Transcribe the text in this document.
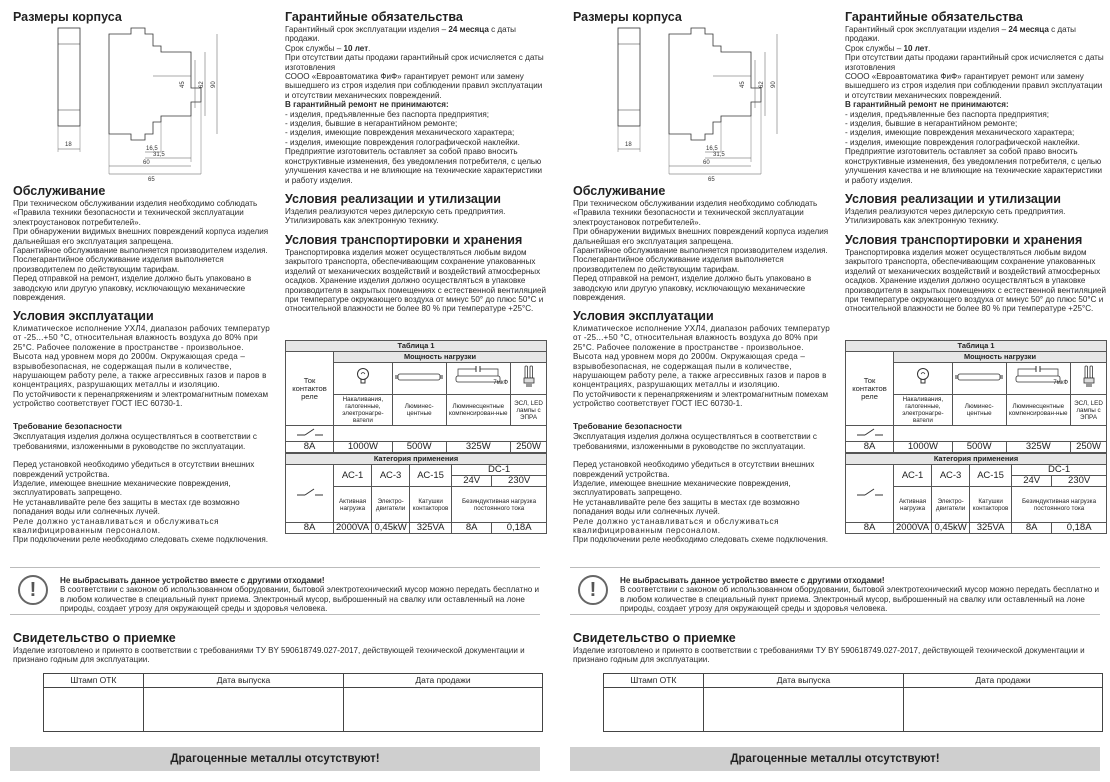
Размеры корпуса
18
45 62 90
16,5
31,5
60
65
Обслуживание

При техническом обслуживании изделия необходимо соблюдать «Правила техники безопасности и технической эксплуатации электроустановок потребителей».

При обнаружении видимых внешних повреждений корпуса изделия дальнейшая его эксплуатация запрещена.

Гарантийное обслуживание выполняется производителем изделия. Послегарантийное обслуживание изделия выполняется производителем по действующим тарифам.

Перед отправкой на ремонт, изделие должно быть упаковано в заводскую или другую упаковку, исключающую механические повреждения.

Условия эксплуатации

Климатическое исполнение УХЛ4, диапазон рабочих температур от -25...+50 °С, относительная влажность воздуха до 80% при 25°С. Рабочее положение в пространстве - произвольное. Высота над уровнем моря до 2000м. Окружающая среда – взрывобезопасная, не содержащая пыли в количестве, нарушающем работу реле, а также агрессивных газов и паров в концентрациях, разрушающих металлы и изоляцию.

По устойчивости к перенапряжениям и электромагнитным помехам устройство соответствует ГОСТ IEC 60730-1.

Требование безопасности

Эксплуатация изделия должна осуществляться в соответствии с требованиями, изложенными в руководстве по эксплуатации.

Перед установкой необходимо убедиться в отсутствии внешних повреждений устройства.

Изделие, имеющее внешние механические повреждения, эксплуатировать запрещено.

Не устанавливайте реле без защиты в местах где возможно попадания воды или солнечных лучей.

Реле должно устанавливаться и обслуживаться квалифицированным персоналом.

При подключении реле необходимо следовать схеме подключения.

Гарантийные обязательства

Гарантийный срок эксплуатации изделия – 24 месяца с даты продажи.

Срок службы – 10 лет.

При отсутствии даты продажи гарантийный срок исчисляется с даты изготовления

СООО «Евроавтоматика ФиФ» гарантирует ремонт или замену вышедшего из строя изделия при соблюдении правил эксплуатации и отсутствии механических повреждений.

В гарантийный ремонт не принимаются:

- изделия, предъявленные без паспорта предприятия;

- изделия, бывшие в негарантийном ремонте;

- изделия, имеющие повреждения механического характера;

- изделия, имеющие повреждения голографической наклейки.

Предприятие изготовитель оставляет за собой право вносить конструктивные изменения, без уведомления потребителя, с целью улучшения качества и не влияющие на технические характеристики и работу изделия.

Условия реализации и утилизации

Изделия реализуются через дилерскую сеть предприятия. Утилизировать как электронную технику.

Условия транспортировки и хранения

Транспортировка изделия может осуществляться любым видом закрытого транспорта, обеспечивающим сохранение упакованных изделий от механических воздействий и воздействий атмосферных осадков. Хранение изделия должно осуществляться в упаковке производителя в закрытых помещениях с естественной вентиляцией при температуре окружающего воздуха от минус 50° до плюс 50°С и относительной влажности не более 80 % при температуре +25°С.

Таблица 1				
Ток контактов реле	Мощность нагрузки			

7мкФ

	Накаливания, галогенные, электронагре-ватели	Люминес-центные	Люминесцентные компенсирован-ные	ЭСЛ, LED лампы с ЭПРА

8А	1000W	500W	325W	250W
Категория применения					
	АС-1	АС-3	АС-15	DC-1	
				24V	230V
	Активная нагрузка	Электро-двигатели	Катушки контакторов	Безиндуктивная нагрузка постоянного тока	
8А	2000VA	0,45kW	325VA	8А	0,18А
!	Не выбрасывать данное устройство вместе с другими отходами!

В соответствии с законом об использованном оборудовании, бытовой электротехнический мусор можно передать бесплатно и в любом количестве в специальный пункт приема. Электронный мусор, выброшенный на свалку или оставленный на лоне природы, создает угрозу для окружающей среды и здоровья человека.

Свидетельство о приемке

Изделие изготовлено и принято в соответствии с требованиями ТУ BY 590618749.027-2017, действующей технической документации и признано годным для эксплуатации.

Штамп ОТК	Дата выпуска	Дата продажи

Драгоценные металлы отсутствуют!
Размеры корпуса
18
45 62 90
16,5
31,5
60
65
Обслуживание

При техническом обслуживании изделия необходимо соблюдать «Правила техники безопасности и технической эксплуатации электроустановок потребителей».

При обнаружении видимых внешних повреждений корпуса изделия дальнейшая его эксплуатация запрещена.

Гарантийное обслуживание выполняется производителем изделия. Послегарантийное обслуживание изделия выполняется производителем по действующим тарифам.

Перед отправкой на ремонт, изделие должно быть упаковано в заводскую или другую упаковку, исключающую механические повреждения.

Условия эксплуатации

Климатическое исполнение УХЛ4, диапазон рабочих температур от -25...+50 °С, относительная влажность воздуха до 80% при 25°С. Рабочее положение в пространстве - произвольное. Высота над уровнем моря до 2000м. Окружающая среда – взрывобезопасная, не содержащая пыли в количестве, нарушающем работу реле, а также агрессивных газов и паров в концентрациях, разрушающих металлы и изоляцию.

По устойчивости к перенапряжениям и электромагнитным помехам устройство соответствует ГОСТ IEC 60730-1.

Требование безопасности

Эксплуатация изделия должна осуществляться в соответствии с требованиями, изложенными в руководстве по эксплуатации.

Перед установкой необходимо убедиться в отсутствии внешних повреждений устройства.

Изделие, имеющее внешние механические повреждения, эксплуатировать запрещено.

Не устанавливайте реле без защиты в местах где возможно попадания воды или солнечных лучей.

Реле должно устанавливаться и обслуживаться квалифицированным персоналом.

При подключении реле необходимо следовать схеме подключения.

Гарантийные обязательства

Гарантийный срок эксплуатации изделия – 24 месяца с даты продажи.

Срок службы – 10 лет.

При отсутствии даты продажи гарантийный срок исчисляется с даты изготовления

СООО «Евроавтоматика ФиФ» гарантирует ремонт или замену вышедшего из строя изделия при соблюдении правил эксплуатации и отсутствии механических повреждений.

В гарантийный ремонт не принимаются:

- изделия, предъявленные без паспорта предприятия;

- изделия, бывшие в негарантийном ремонте;

- изделия, имеющие повреждения механического характера;

- изделия, имеющие повреждения голографической наклейки.

Предприятие изготовитель оставляет за собой право вносить конструктивные изменения, без уведомления потребителя, с целью улучшения качества и не влияющие на технические характеристики и работу изделия.

Условия реализации и утилизации

Изделия реализуются через дилерскую сеть предприятия. Утилизировать как электронную технику.

Условия транспортировки и хранения

Транспортировка изделия может осуществляться любым видом закрытого транспорта, обеспечивающим сохранение упакованных изделий от механических воздействий и воздействий атмосферных осадков. Хранение изделия должно осуществляться в упаковке производителя в закрытых помещениях с естественной вентиляцией при температуре окружающего воздуха от минус 50° до плюс 50°С и относительной влажности не более 80 % при температуре +25°С.

Таблица 1				
Ток контактов реле	Мощность нагрузки			

7мкФ

	Накаливания, галогенные, электронагре-ватели	Люминес-центные	Люминесцентные компенсирован-ные	ЭСЛ, LED лампы с ЭПРА

8А	1000W	500W	325W	250W
Категория применения					
	АС-1	АС-3	АС-15	DC-1	
				24V	230V
	Активная нагрузка	Электро-двигатели	Катушки контакторов	Безиндуктивная нагрузка постоянного тока	
8А	2000VA	0,45kW	325VA	8А	0,18А
!	Не выбрасывать данное устройство вместе с другими отходами!

В соответствии с законом об использованном оборудовании, бытовой электротехнический мусор можно передать бесплатно и в любом количестве в специальный пункт приема. Электронный мусор, выброшенный на свалку или оставленный на лоне природы, создает угрозу для окружающей среды и здоровья человека.

Свидетельство о приемке

Изделие изготовлено и принято в соответствии с требованиями ТУ BY 590618749.027-2017, действующей технической документации и признано годным для эксплуатации.

Штамп ОТК	Дата выпуска	Дата продажи

Драгоценные металлы отсутствуют!
